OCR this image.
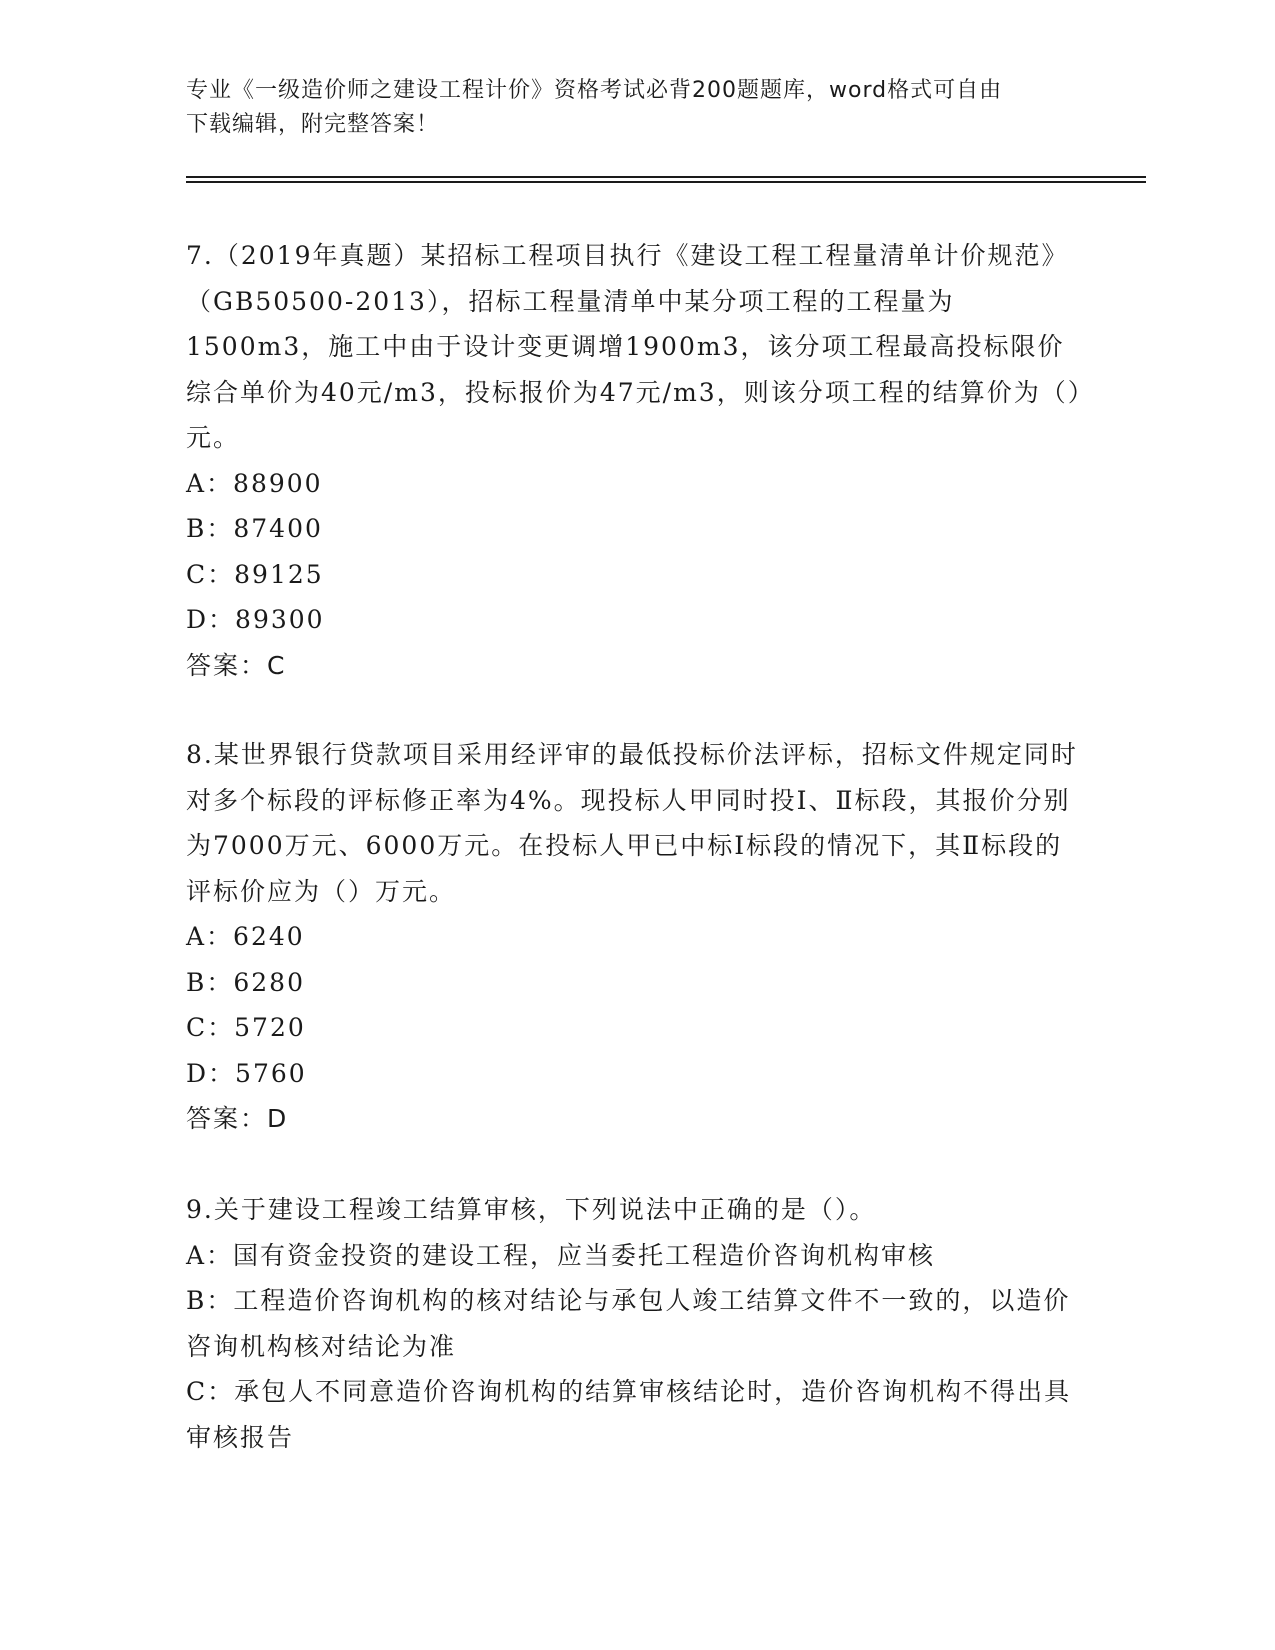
专业《一级造价师之建设工程计价》资格考试必背200题题库，word格式可自由
下载编辑，附完整答案！
7.（2019年真题）某招标工程项目执行《建设工程工程量清单计价规范》（GB50500-2013），招标工程量清单中某分项工程的工程量为1500m3，施工中由于设计变更调增1900m3，该分项工程最高投标限价综合单价为40元/m3，投标报价为47元/m3，则该分项工程的结算价为（）元。
A：88900
B：87400
C：89125
D：89300
答案：C
8.某世界银行贷款项目采用经评审的最低投标价法评标，招标文件规定同时对多个标段的评标修正率为4%。现投标人甲同时投Ⅰ、Ⅱ标段，其报价分别为7000万元、6000万元。在投标人甲已中标Ⅰ标段的情况下，其Ⅱ标段的评标价应为（）万元。
A：6240
B：6280
C：5720
D：5760
答案：D
9.关于建设工程竣工结算审核，下列说法中正确的是（）。
A：国有资金投资的建设工程，应当委托工程造价咨询机构审核
B：工程造价咨询机构的核对结论与承包人竣工结算文件不一致的，以造价咨询机构核对结论为准
C：承包人不同意造价咨询机构的结算审核结论时，造价咨询机构不得出具审核报告
